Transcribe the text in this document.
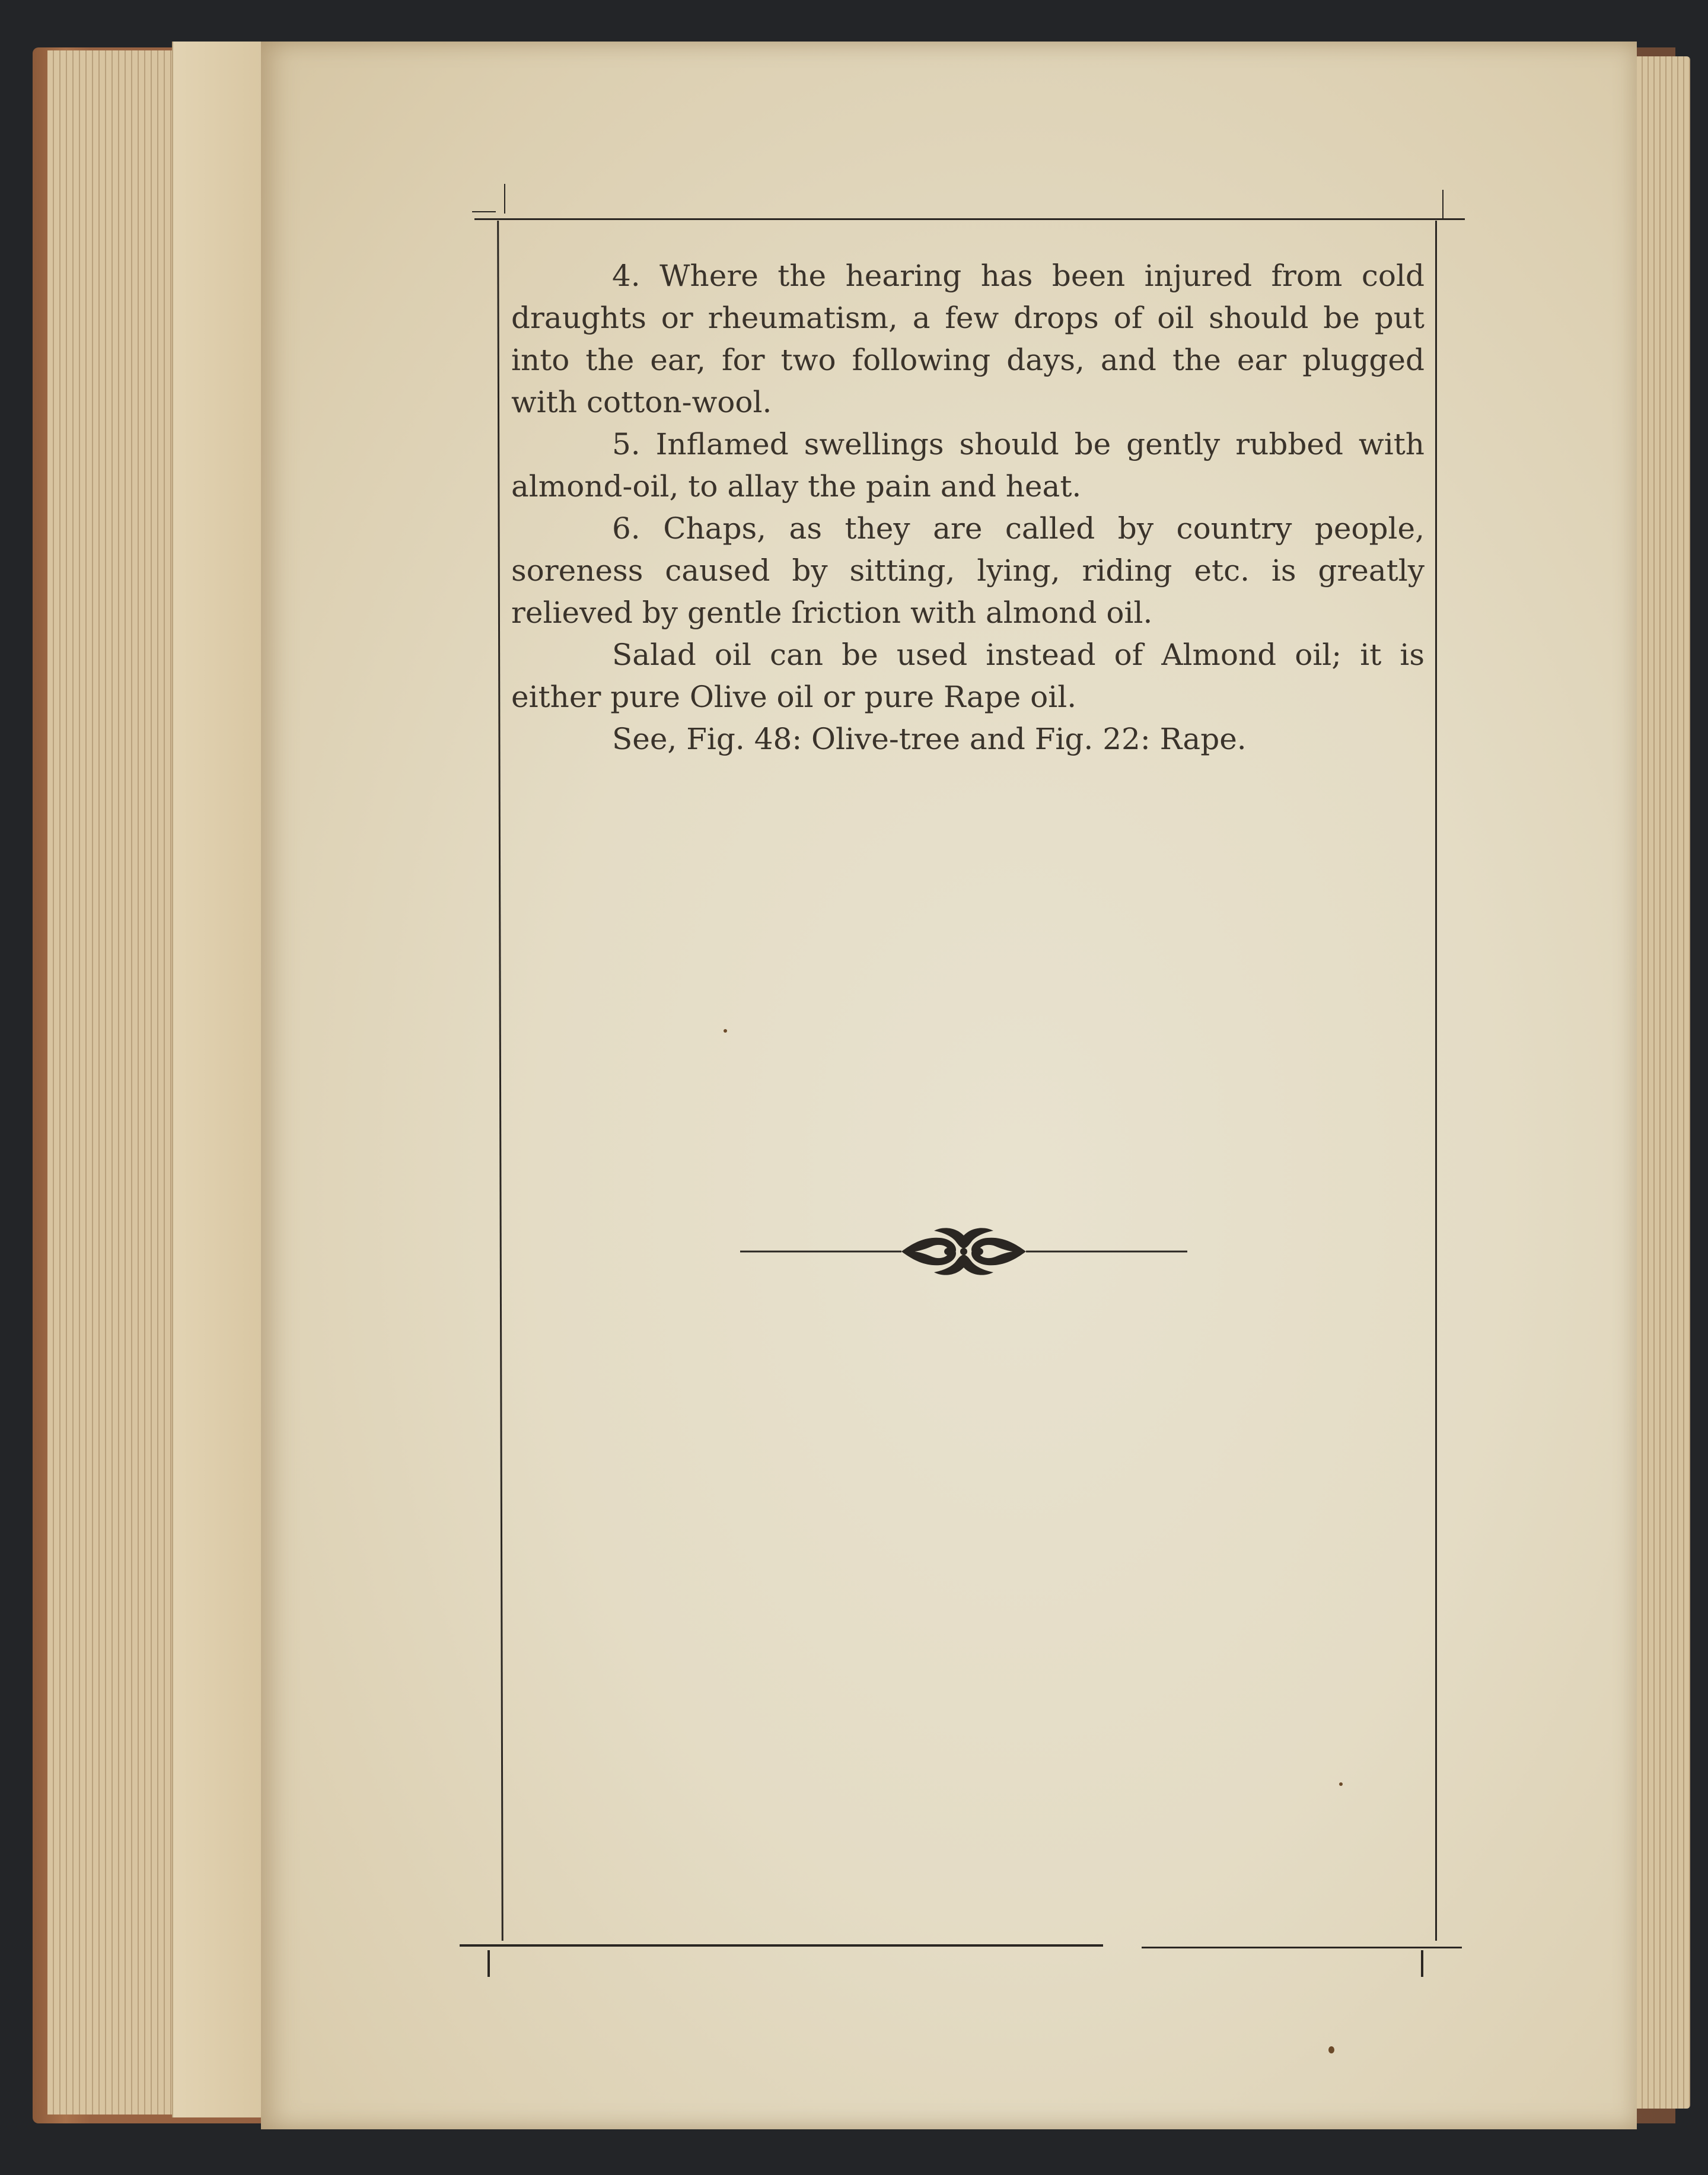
4. Where the hearing has been injured from cold draughts or rheumatism, a few drops of oil should be put into the ear, for two following days, and the ear plugged with cotton-wool.

5. Inflamed swellings should be gently rubbed with almond-oil, to allay the pain and heat.

6. Chaps, as they are called by country people, soreness caused by sitting, lying, riding etc. is greatly relieved by gentle ſriction with almond oil.

Salad oil can be used instead of Almond oil; it is either pure Olive oil or pure Rape oil.

See, Fig. 48: Olive-tree and Fig. 22: Rape.
